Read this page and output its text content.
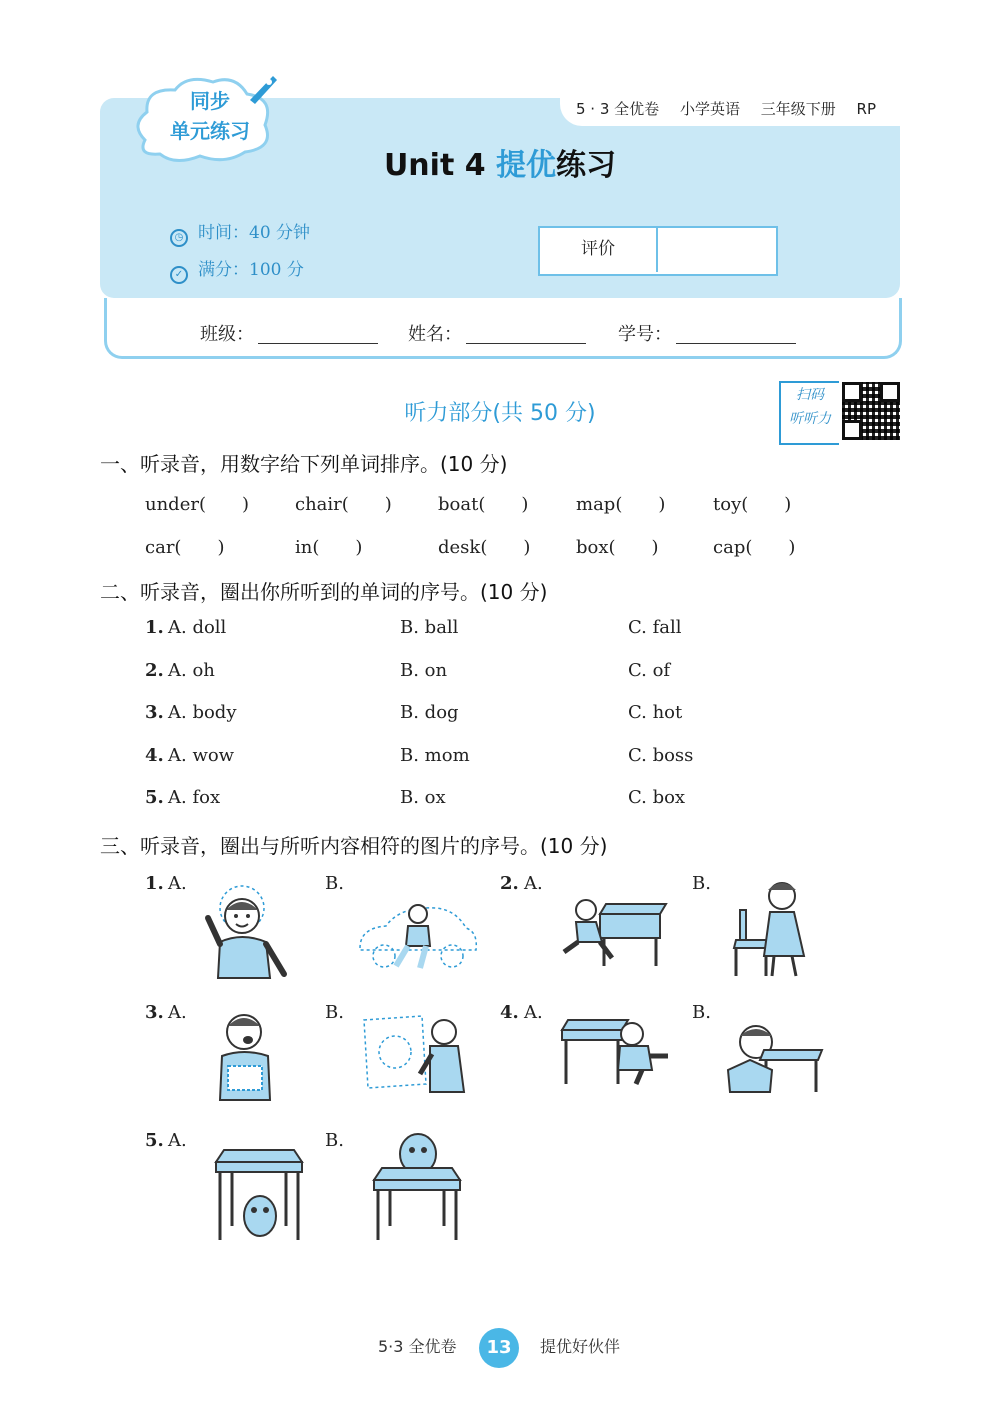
5 · 3 全优卷 小学英语 三年级下册 RP
同步
单元练习
Unit 4 提优练习
◷ 时间：40 分钟
✓ 满分：100 分
评价
班级：	姓名：	学号：
听力部分(共 50 分)
扫码
听听力
一、听录音，用数字给下列单词排序。(10 分)
under(　　)	chair(　　)	boat(　　)	map(　　)	toy(　　)
car(　　)	in(　　)	desk(　　)	box(　　)	cap(　　)
二、听录音，圈出你所听到的单词的序号。(10 分)
1. A. doll	B. ball	C. fall
2. A. oh	B. on	C. of
3. A. body	B. dog	C. hot
4. A. wow	B. mom	C. boss
5. A. fox	B. ox	C. box
三、听录音，圈出与所听内容相符的图片的序号。(10 分)
1. A.	B.	2. A.	B.
3. A.	B.	4. A.	B.
5. A.	B.
5·3 全优卷	13	提优好伙伴
